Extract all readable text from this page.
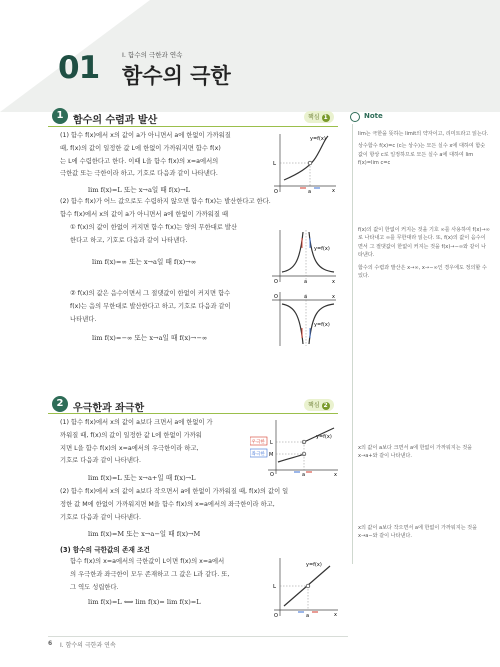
01	I. 함수의 극한과 연속
함수의 극한
1 함수의 수렴과 발산	핵심 1	Note
(1) 함수 f(x)에서 x의 값이 a가 아니면서 a에 한없이 가까워질
때, f(x)의 값이 일정한 값 L에 한없이 가까워지면 함수 f(x)
는 L에 수렴한다고 한다. 이때 L을 함수 f(x)의 x=a에서의
극한값 또는 극한이라 하고, 기호로 다음과 같이 나타낸다.
lim f(x)=L 또는 x→a일 때 f(x)→L
(2) 함수 f(x)가 어느 값으로도 수렴하지 않으면 함수 f(x)는 발산한다고 한다.
함수 f(x)에서 x의 값이 a가 아니면서 a에 한없이 가까워질 때
① f(x)의 값이 한없이 커지면 함수 f(x)는 양의 무한대로 발산
한다고 하고, 기호로 다음과 같이 나타낸다.
lim f(x)=∞ 또는 x→a일 때 f(x)→∞
② f(x)의 값은 음수이면서 그 절댓값이 한없이 커지면 함수
f(x)는 음의 무한대로 발산한다고 하고, 기호로 다음과 같이
나타낸다.
lim f(x)=−∞ 또는 x→a일 때 f(x)→−∞
y=f(x)
L
a
O	x
y=f(x)
a
O	x
y=f(x)
a
O	x
lim는 극한을 뜻하는 limit의 약자이고, 리미트라고 읽는다.
상수함수 f(x)=c (c는 상수)는 모든 실수 x에 대하여 함숫값이 항상 c로 일정하므로 모든 실수 a에 대하여 lim f(x)=lim c=c
f(x)의 값이 한없이 커지는 것을 기호 ∞를 사용하여 f(x)→∞로 나타내고 ∞를 무한대라 읽는다. 또, f(x)의 값이 음수이면서 그 절댓값이 한없이 커지는 것을 f(x)→−∞와 같이 나타낸다.
함수의 수렴과 발산은 x→∞, x→−∞인 경우에도 정의할 수 있다.
x의 값이 a보다 크면서 a에 한없이 가까워지는 것을 x→a+와 같이 나타낸다.
x의 값이 a보다 작으면서 a에 한없이 가까워지는 것을 x→a−와 같이 나타낸다.
2 우극한과 좌극한	핵심 2
(1) 함수 f(x)에서 x의 값이 a보다 크면서 a에 한없이 가
까워질 때, f(x)의 값이 일정한 값 L에 한없이 가까워
지면 L을 함수 f(x)의 x=a에서의 우극한이라 하고,
기호로 다음과 같이 나타낸다.
lim f(x)=L 또는 x→a+일 때 f(x)→L
(2) 함수 f(x)에서 x의 값이 a보다 작으면서 a에 한없이 가까워질 때, f(x)의 값이 일
정한 값 M에 한없이 가까워지면 M을 함수 f(x)의 x=a에서의 좌극한이라 하고,
기호로 다음과 같이 나타낸다.
lim f(x)=M 또는 x→a−일 때 f(x)→M
(3) 함수의 극한값의 존재 조건
함수 f(x)의 x=a에서의 극한값이 L이면 f(x)의 x=a에서
의 우극한과 좌극한이 모두 존재하고 그 값은 L과 같다. 또,
그 역도 성립한다.
lim f(x)=L ⟺ lim f(x)= lim f(x)=L
우극한
좌극한
L
M
y=f(x)
a
O	x
y=f(x)
L
a
O	x
6 I. 함수의 극한과 연속
